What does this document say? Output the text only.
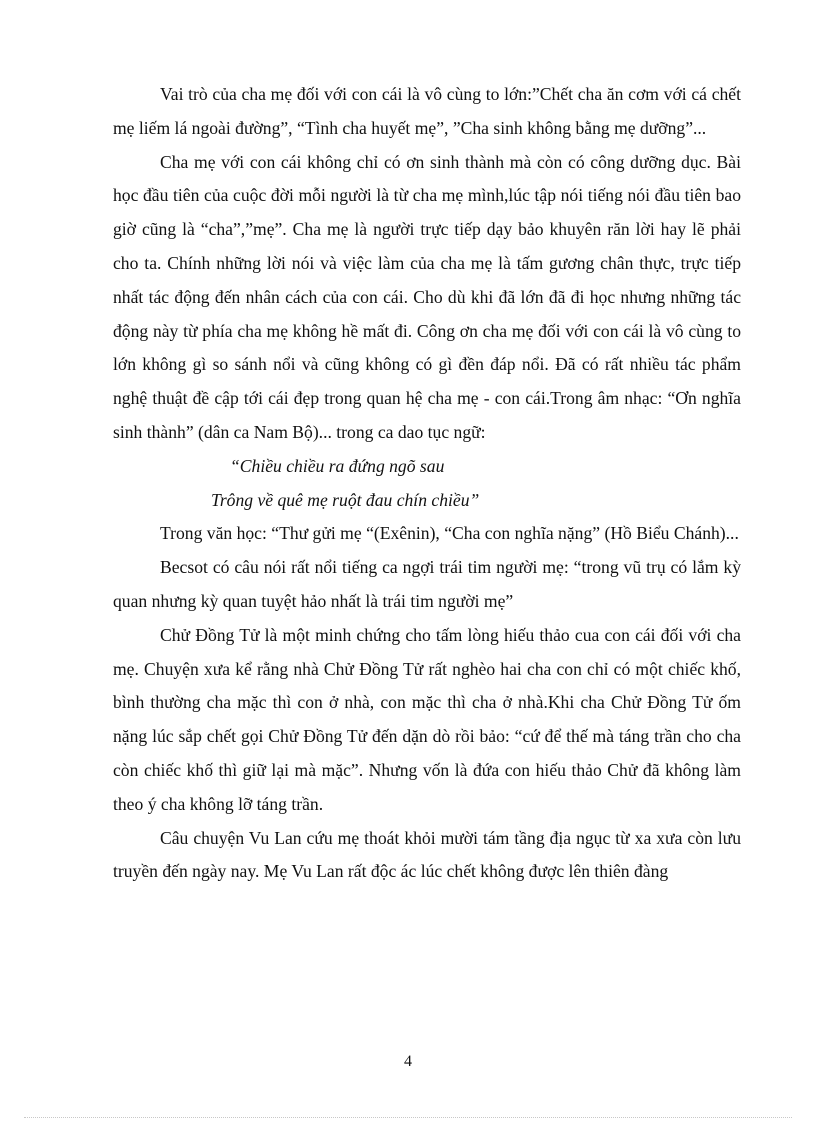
Vai trò của cha mẹ đối với con cái là vô cùng to lớn:”Chết cha ăn cơm với cá chết mẹ liếm lá ngoài đường”, “Tình cha huyết mẹ”, ”Cha sinh không bằng mẹ dưỡng”...

Cha mẹ với con cái không chỉ có ơn sinh thành mà còn có công dưỡng dục. Bài học đầu tiên của cuộc đời mỗi người là từ cha mẹ mình,lúc tập nói tiếng nói đầu tiên bao giờ cũng là “cha”,”mẹ”. Cha mẹ là người trực tiếp dạy bảo khuyên răn lời hay lẽ phải cho ta. Chính những lời nói và việc làm của cha mẹ là tấm gương chân thực, trực tiếp nhất tác động đến nhân cách của con cái. Cho dù khi đã lớn đã đi học nhưng những tác động này từ phía cha mẹ không hề mất đi. Công ơn cha mẹ đối với con cái là vô cùng to lớn không gì so sánh nổi và cũng không có gì đền đáp nổi. Đã có rất nhiều tác phẩm nghệ thuật đề cập tới cái đẹp trong quan hệ cha mẹ - con cái.Trong âm nhạc: “Ơn nghĩa sinh thành” (dân ca Nam Bộ)... trong ca dao tục ngữ:

“Chiều chiều ra đứng ngõ sau
Trông về quê mẹ ruột đau chín chiều”

Trong văn học: “Thư gửi mẹ “(Exênin), “Cha con nghĩa nặng” (Hồ Biểu Chánh)...

Becsot có câu nói rất nổi tiếng ca ngợi trái tim người mẹ: “trong vũ trụ có lắm kỳ quan nhưng kỳ quan tuyệt hảo nhất là trái tim người mẹ”

Chử Đồng Tử là một minh chứng cho tấm lòng hiếu thảo cua con cái đối với cha mẹ. Chuyện xưa kể rằng nhà Chử Đồng Tử rất nghèo hai cha con chỉ có một chiếc khố, bình thường cha mặc thì con ở nhà, con mặc thì cha ở nhà.Khi cha Chử Đồng Tử ốm nặng lúc sắp chết gọi Chử Đồng Tử đến dặn dò rồi bảo: “cứ để thế mà táng trần cho cha còn chiếc khố thì giữ lại mà mặc”. Nhưng vốn là đứa con hiếu thảo Chử đã không làm theo ý cha không lỡ táng trần.

Câu chuyện Vu Lan cứu mẹ thoát khỏi mười tám tầng địa ngục từ xa xưa còn lưu truyền đến ngày nay. Mẹ Vu Lan rất độc ác lúc chết không được lên thiên đàng

4
